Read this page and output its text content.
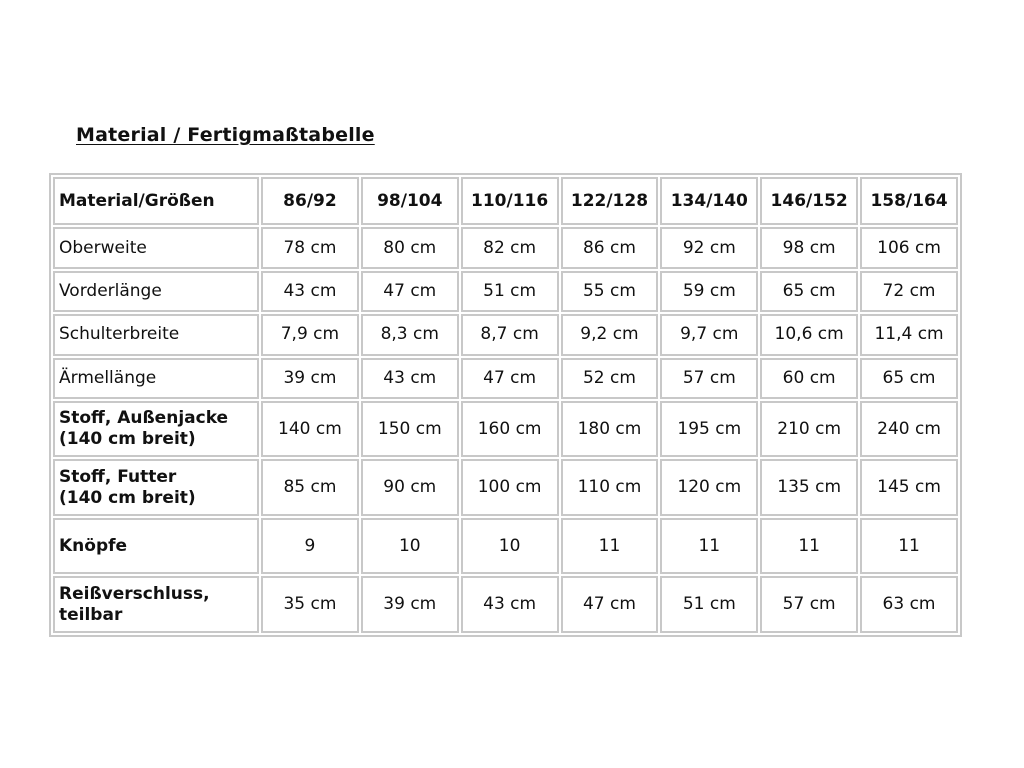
Material / Fertigmaßtabelle
Material/Größen	86/92	98/104	110/116	122/128	134/140	146/152	158/164
Oberweite	78 cm	80 cm	82 cm	86 cm	92 cm	98 cm	106 cm
Vorderlänge	43 cm	47 cm	51 cm	55 cm	59 cm	65 cm	72 cm
Schulterbreite	7,9 cm	8,3 cm	8,7 cm	9,2 cm	9,7 cm	10,6 cm	11,4 cm
Ärmellänge	39 cm	43 cm	47 cm	52 cm	57 cm	60 cm	65 cm

Stoff, Außenjacke
(140 cm breit)	140 cm	150 cm	160 cm	180 cm	195 cm	210 cm	240 cm

Stoff, Futter
(140 cm breit)	85 cm	90 cm	100 cm	110 cm	120 cm	135 cm	145 cm
Knöpfe	9	10	10	11	11	11	11

Reißverschluss,
teilbar	35 cm	39 cm	43 cm	47 cm	51 cm	57 cm	63 cm
